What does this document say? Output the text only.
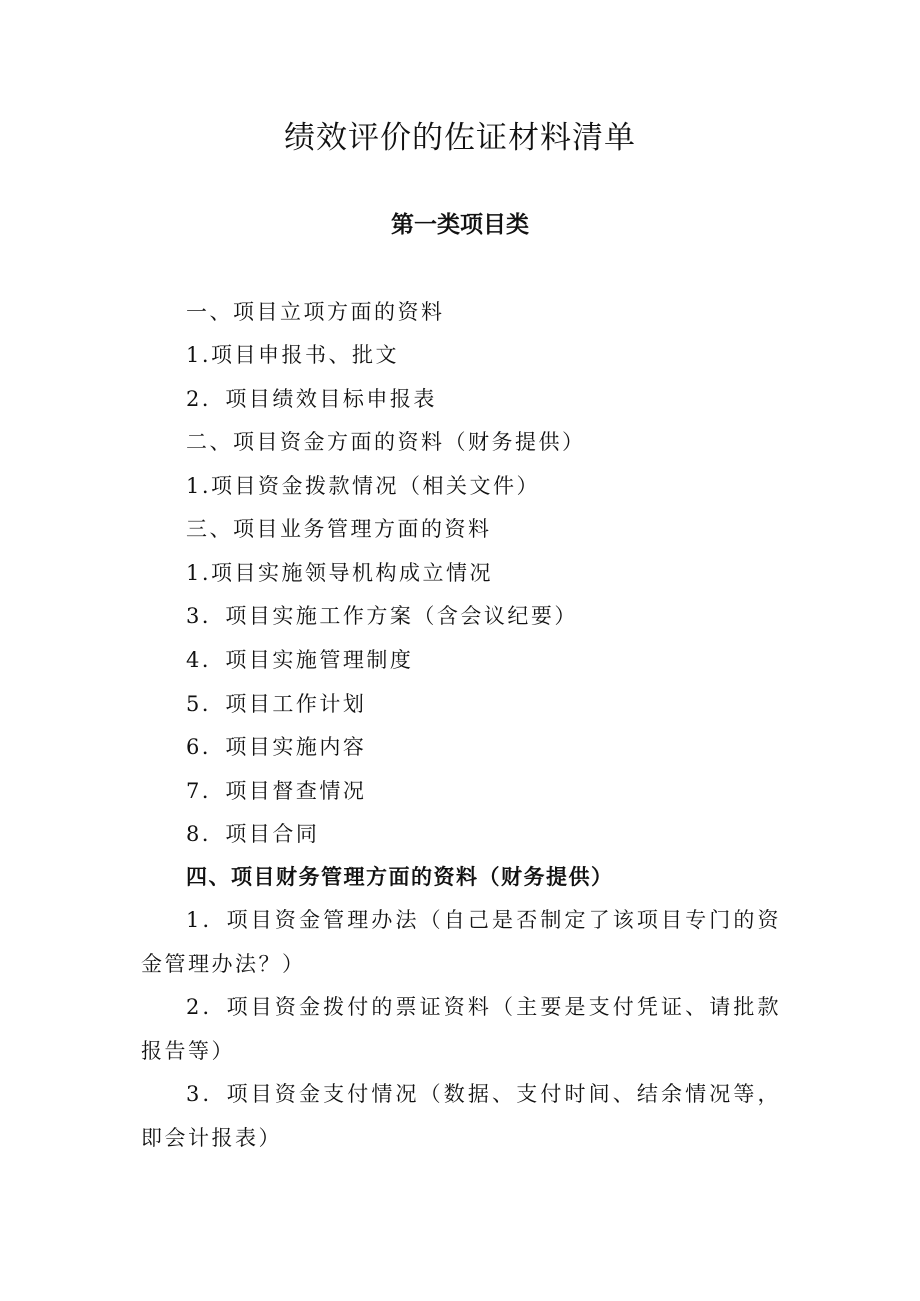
绩效评价的佐证材料清单
第一类项目类

一、项目立项方面的资料

1.项目申报书、批文

2．项目绩效目标申报表

二、项目资金方面的资料（财务提供）

1.项目资金拨款情况（相关文件）

三、项目业务管理方面的资料

1.项目实施领导机构成立情况

3．项目实施工作方案（含会议纪要）

4．项目实施管理制度

5．项目工作计划

6．项目实施内容

7．项目督查情况

8．项目合同

四、项目财务管理方面的资料（财务提供）

1．项目资金管理办法（自己是否制定了该项目专门的资金管理办法？）

2．项目资金拨付的票证资料（主要是支付凭证、请批款报告等）

3．项目资金支付情况（数据、支付时间、结余情况等，即会计报表）
